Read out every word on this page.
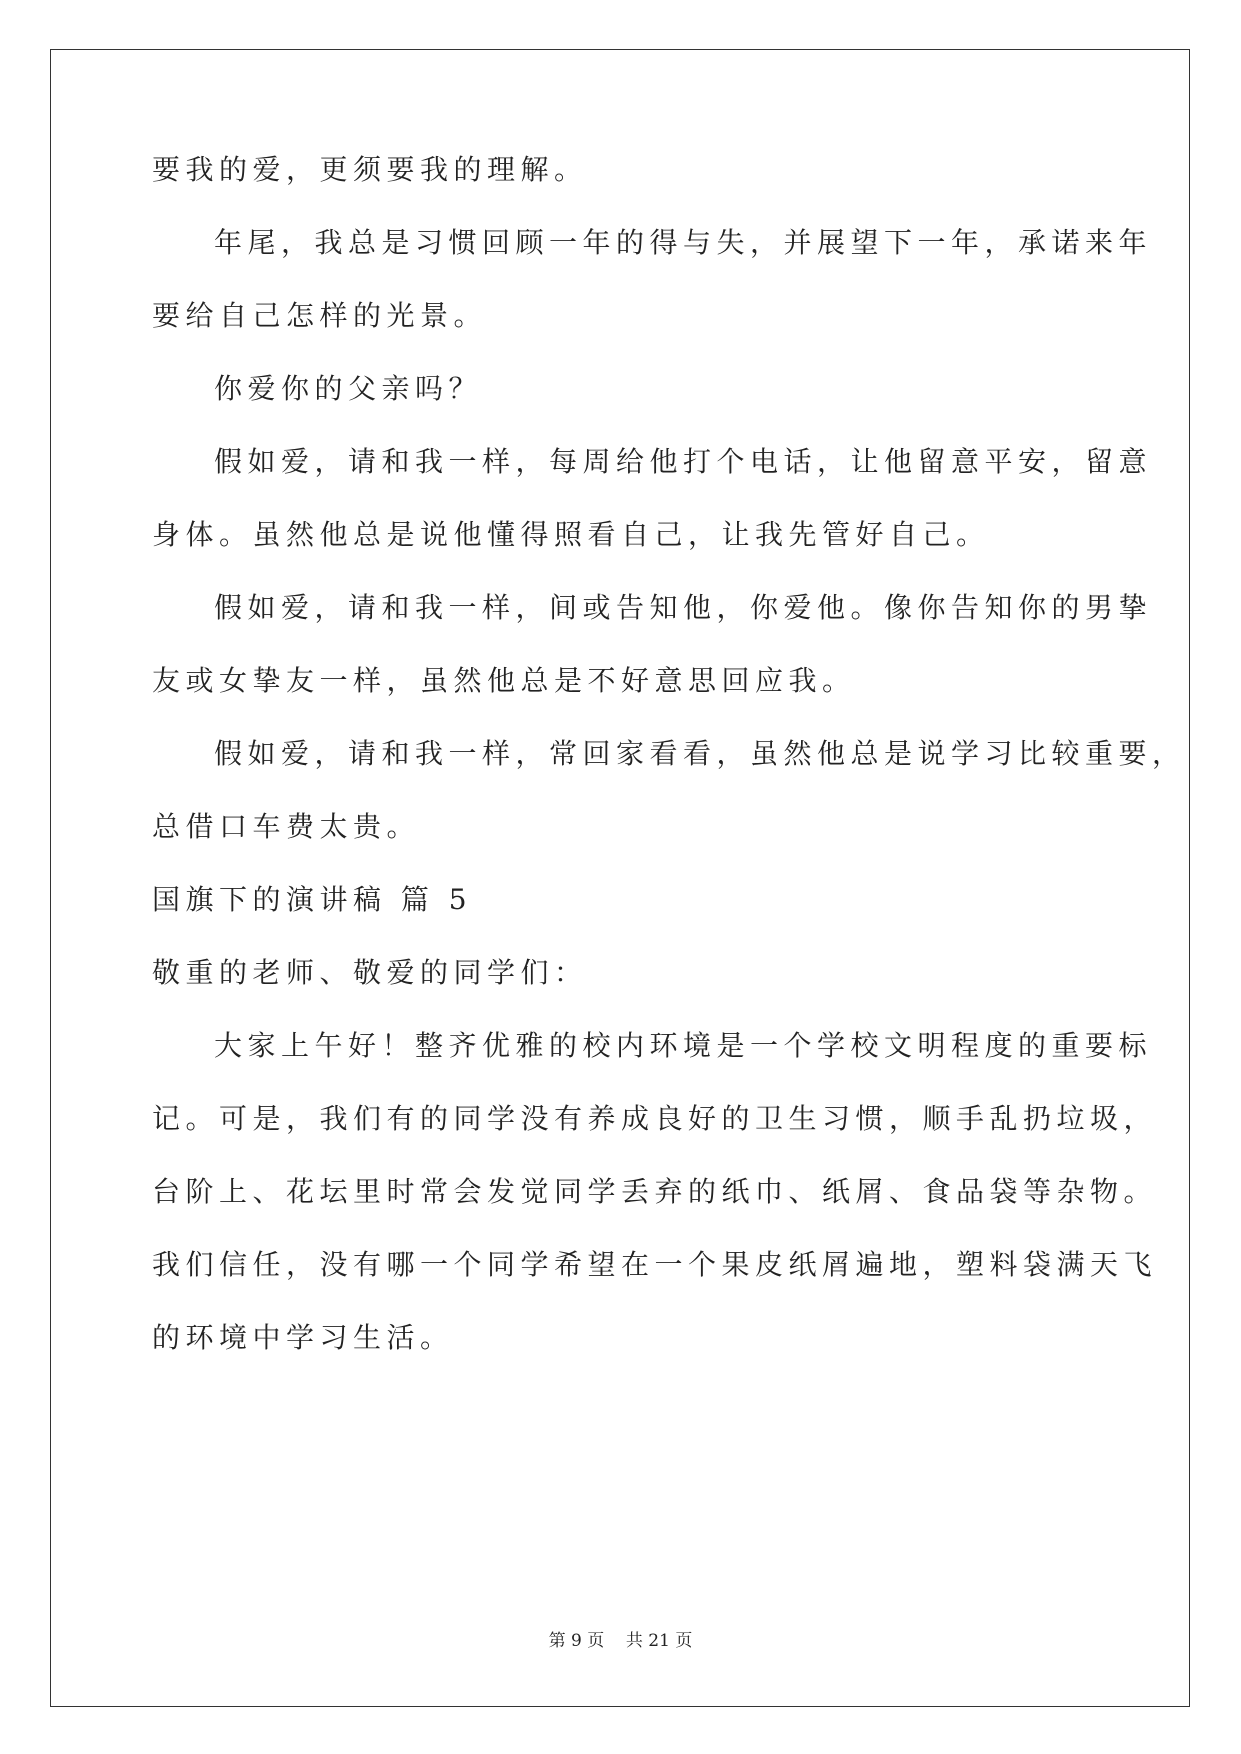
要我的爱，更须要我的理解。
年尾，我总是习惯回顾一年的得与失，并展望下一年，承诺来年
要给自己怎样的光景。
你爱你的父亲吗？
假如爱，请和我一样，每周给他打个电话，让他留意平安，留意
身体。虽然他总是说他懂得照看自己，让我先管好自己。
假如爱，请和我一样，间或告知他，你爱他。像你告知你的男挚
友或女挚友一样，虽然他总是不好意思回应我。
假如爱，请和我一样，常回家看看，虽然他总是说学习比较重要，
总借口车费太贵。
国旗下的演讲稿 篇 5
敬重的老师、敬爱的同学们：
大家上午好！整齐优雅的校内环境是一个学校文明程度的重要标
记。可是，我们有的同学没有养成良好的卫生习惯，顺手乱扔垃圾，
台阶上、花坛里时常会发觉同学丢弃的纸巾、纸屑、食品袋等杂物。
我们信任，没有哪一个同学希望在一个果皮纸屑遍地，塑料袋满天飞
的环境中学习生活。
第 9 页    共 21 页
